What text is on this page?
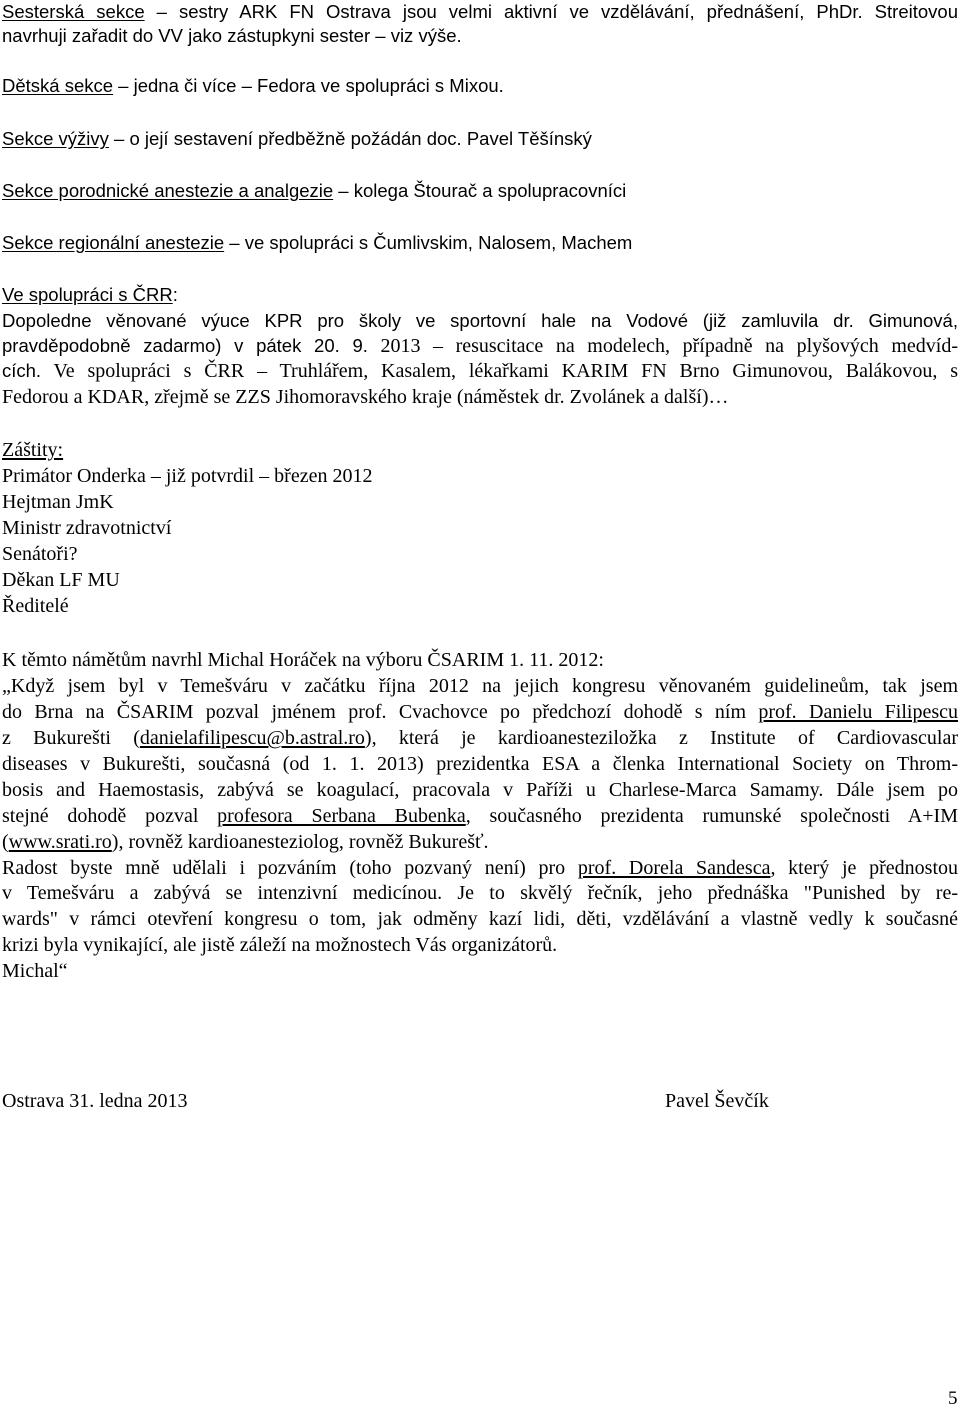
Sesterská sekce – sestry ARK FN Ostrava jsou velmi aktivní ve vzdělávání, přednášení, PhDr. Streitovou
navrhuji zařadit do VV jako zástupkyni sester – viz výše.
Dětská sekce – jedna či více – Fedora ve spolupráci s Mixou.
Sekce výživy – o její sestavení předběžně požádán doc. Pavel Těšínský
Sekce porodnické anestezie a analgezie – kolega Štourač a spolupracovníci
Sekce regionální anestezie – ve spolupráci s Čumlivskim, Nalosem, Machem
Ve spolupráci s ČRR:
Dopoledne věnované výuce KPR pro školy ve sportovní hale na Vodové (již zamluvila dr. Gimunová,
pravděpodobně zadarmo) v pátek 20. 9. 2013 – resuscitace na modelech, případně na plyšových medvíd-
cích. Ve spolupráci s ČRR – Truhlářem, Kasalem, lékařkami KARIM FN Brno Gimunovou, Balákovou, s
Fedorou a KDAR, zřejmě se ZZS Jihomoravského kraje (náměstek dr. Zvolánek a další)…
Záštity:
Primátor Onderka – již potvrdil – březen 2012
Hejtman JmK
Ministr zdravotnictví
Senátoři?
Děkan LF MU
Ředitelé
K těmto námětům navrhl Michal Horáček na výboru ČSARIM 1. 11. 2012:
„Když jsem byl v Temešváru v začátku října 2012 na jejich kongresu věnovaném guidelineům, tak jsem
do Brna na ČSARIM pozval jménem prof. Cvachovce po předchozí dohodě s ním prof. Danielu Filipescu
z Bukurešti (danielafilipescu@b.astral.ro), která je kardioanesteziložka z Institute of Cardiovascular
diseases v Bukurešti, současná (od 1. 1. 2013) prezidentka ESA a členka International Society on Throm-
bosis and Haemostasis, zabývá se koagulací, pracovala v Paříži u Charlese-Marca Samamy. Dále jsem po
stejné dohodě pozval profesora Serbana Bubenka, současného prezidenta rumunské společnosti A+IM
(www.srati.ro), rovněž kardioanesteziolog, rovněž Bukurešť.
Radost byste mně udělali i pozváním (toho pozvaný není) pro prof. Dorela Sandesca, který je přednostou
v Temešváru a zabývá se intenzivní medicínou. Je to skvělý řečník, jeho přednáška "Punished by re-
wards" v rámci otevření kongresu o tom, jak odměny kazí lidi, děti, vzdělávání a vlastně vedly k současné
krizi byla vynikající, ale jistě záleží na možnostech Vás organizátorů.
Michal“
Ostrava 31. ledna 2013	Pavel Ševčík
5
